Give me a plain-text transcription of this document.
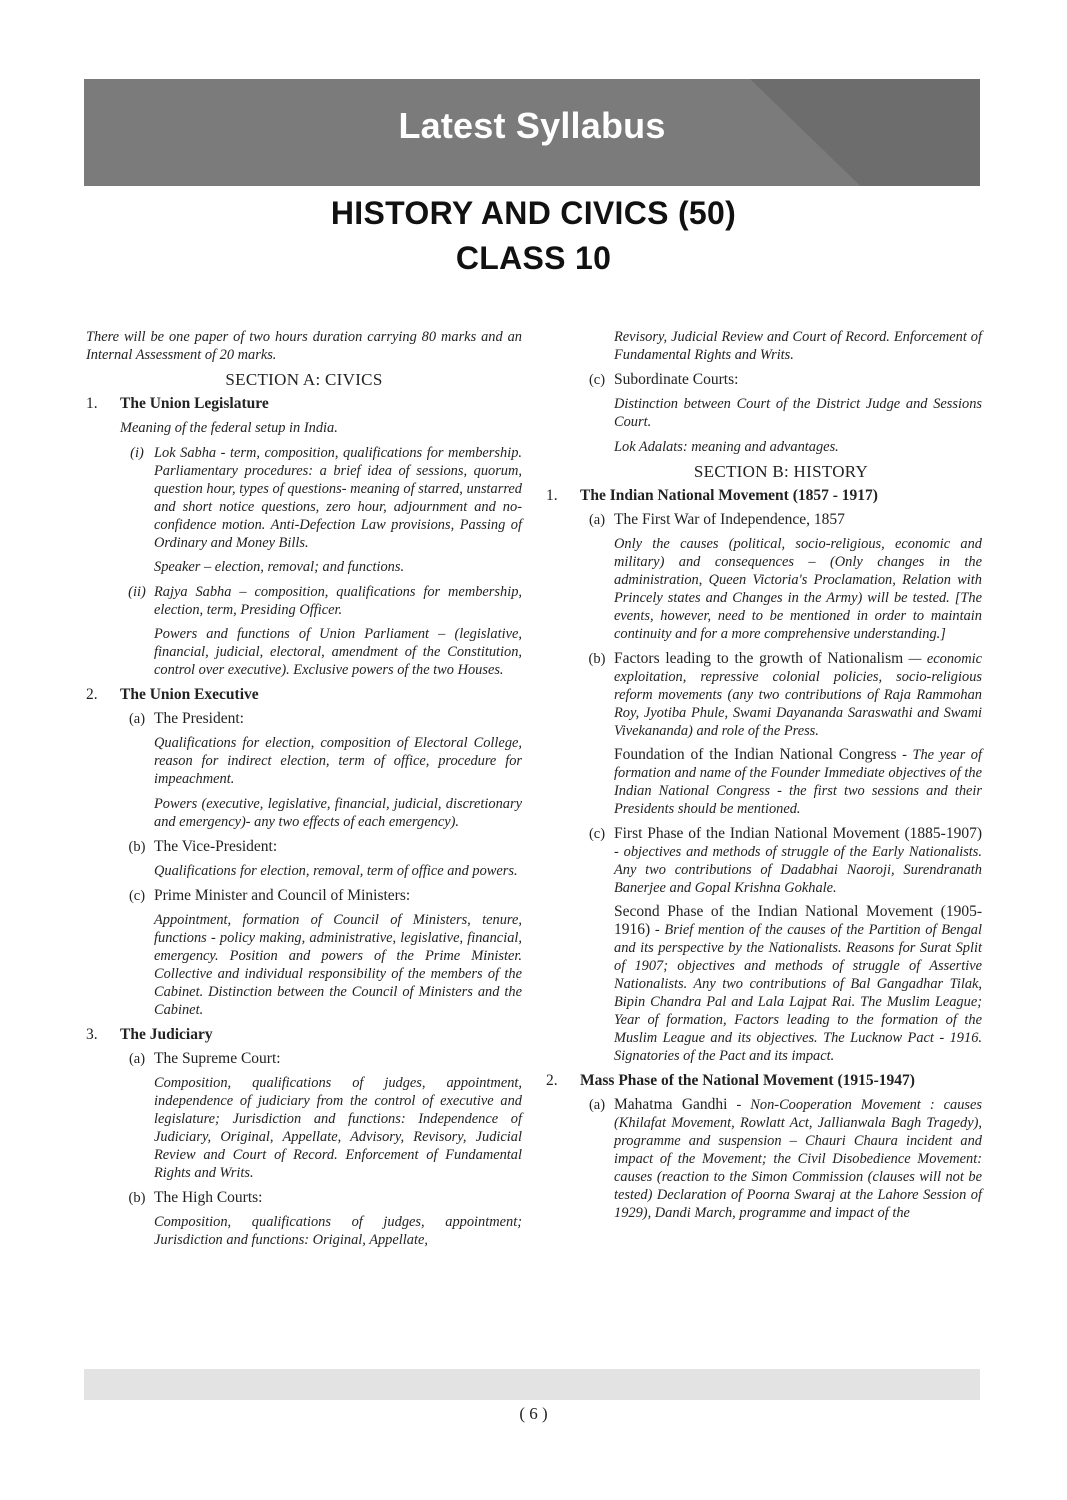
Latest Syllabus
HISTORY AND CIVICS (50)
CLASS 10

There will be one paper of two hours duration carrying 80 marks and an Internal Assessment of 20 marks.

SECTION A: CIVICS
1.	The Union Legislature

Meaning of the federal setup in India.

(i) Lok Sabha - term, composition, qualifications for membership. Parliamentary procedures: a brief idea of sessions, quorum, question hour, types of questions- meaning of starred, unstarred and short notice questions, zero hour, adjournment and no-confidence motion. Anti-Defection Law provisions, Passing of Ordinary and Money Bills.

Speaker – election, removal; and functions.

(ii) Rajya Sabha – composition, qualifications for membership, election, term, Presiding Officer.

Powers and functions of Union Parliament – (legislative, financial, judicial, electoral, amendment of the Constitution, control over executive). Exclusive powers of the two Houses.

2.	The Union Executive
(a) The President:

Qualifications for election, composition of Electoral College, reason for indirect election, term of office, procedure for impeachment.

Powers (executive, legislative, financial, judicial, discretionary and emergency)- any two effects of each emergency).

(b) The Vice-President:

Qualifications for election, removal, term of office and powers.

(c) Prime Minister and Council of Ministers:

Appointment, formation of Council of Ministers, tenure, functions - policy making, administrative, legislative, financial, emergency. Position and powers of the Prime Minister. Collective and individual responsibility of the members of the Cabinet. Distinction between the Council of Ministers and the Cabinet.

3.	The Judiciary
(a) The Supreme Court:

Composition, qualifications of judges, appointment, independence of judiciary from the control of executive and legislature; Jurisdiction and functions: Independence of Judiciary, Original, Appellate, Advisory, Revisory, Judicial Review and Court of Record. Enforcement of Fundamental Rights and Writs.

(b) The High Courts:

Composition, qualifications of judges, appointment; Jurisdiction and functions: Original, Appellate,

Revisory, Judicial Review and Court of Record. Enforcement of Fundamental Rights and Writs.

(c) Subordinate Courts:

Distinction between Court of the District Judge and Sessions Court.

Lok Adalats: meaning and advantages.

SECTION B: HISTORY
1.	The Indian National Movement (1857 - 1917)
(a) The First War of Independence, 1857

Only the causes (political, socio-religious, economic and military) and consequences – (Only changes in the administration, Queen Victoria's Proclamation, Relation with Princely states and Changes in the Army) will be tested. [The events, however, need to be mentioned in order to maintain continuity and for a more comprehensive understanding.]

(b) Factors leading to the growth of Nationalism — economic exploitation, repressive colonial policies, socio-religious reform movements (any two contributions of Raja Rammohan Roy, Jyotiba Phule, Swami Dayananda Saraswathi and Swami Vivekananda) and role of the Press.

Foundation of the Indian National Congress - The year of formation and name of the Founder Immediate objectives of the Indian National Congress - the first two sessions and their Presidents should be mentioned.

(c) First Phase of the Indian National Movement (1885-1907) - objectives and methods of struggle of the Early Nationalists. Any two contributions of Dadabhai Naoroji, Surendranath Banerjee and Gopal Krishna Gokhale.

Second Phase of the Indian National Movement (1905-1916) - Brief mention of the causes of the Partition of Bengal and its perspective by the Nationalists. Reasons for Surat Split of 1907; objectives and methods of struggle of Assertive Nationalists. Any two contributions of Bal Gangadhar Tilak, Bipin Chandra Pal and Lala Lajpat Rai. The Muslim League; Year of formation, Factors leading to the formation of the Muslim League and its objectives. The Lucknow Pact - 1916. Signatories of the Pact and its impact.

2.	Mass Phase of the National Movement (1915-1947)
(a) Mahatma Gandhi - Non-Cooperation Movement : causes (Khilafat Movement, Rowlatt Act, Jallianwala Bagh Tragedy), programme and suspension – Chauri Chaura incident and impact of the Movement; the Civil Disobedience Movement: causes (reaction to the Simon Commission (clauses will not be tested) Declaration of Poorna Swaraj at the Lahore Session of 1929), Dandi March, programme and impact of the
( 6 )
